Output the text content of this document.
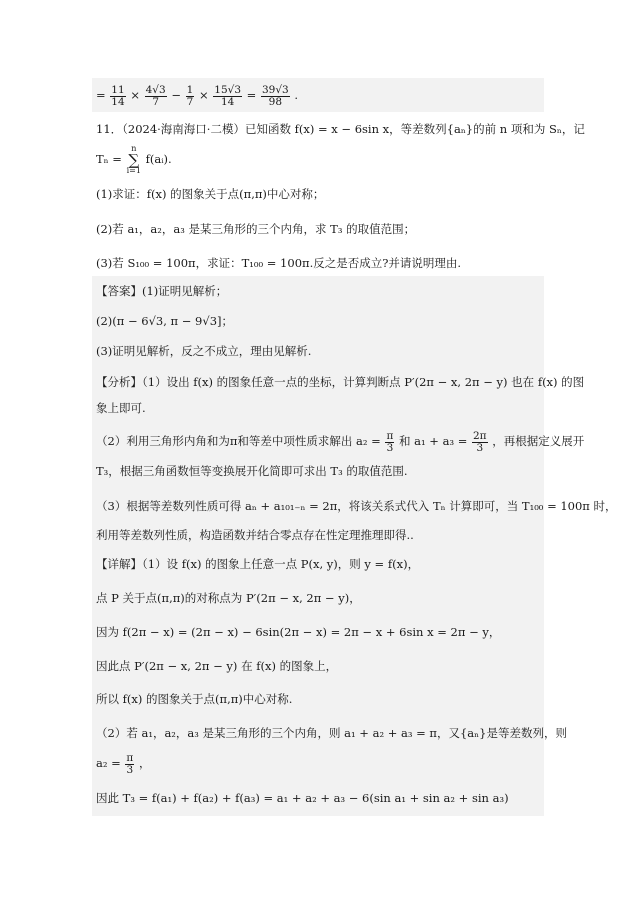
= $\frac{11}{14} \times \frac{4√3}{7} - \frac{1}{7} \times \frac{15√3}{14} = \frac{39√3}{98}$ .
11．（2024·海南海口·二模）已知函数 f(x) = x − 6sin x，等差数列{aₙ}的前 n 项和为 Sₙ，记
Tₙ =
n
∑
i=1
f(aᵢ).
(1)求证：f(x) 的图象关于点(π,π)中心对称；
(2)若 a₁，a₂，a₃ 是某三角形的三个内角，求 T₃ 的取值范围；
(3)若 S₁₀₀ = 100π，求证：T₁₀₀ = 100π.反之是否成立?并请说明理由.
【答案】(1)证明见解析；
(2)(π − 6√3, π − 9√3]；
(3)证明见解析，反之不成立，理由见解析.
【分析】（1）设出 f(x) 的图象任意一点的坐标，计算判断点 P′(2π − x, 2π − y) 也在 f(x) 的图
象上即可.
（2）利用三角形内角和为π和等差中项性质求解出 $a_2 = \frac{\pi}{3}$ 和 $a_1 + a_3 = \frac{2\pi}{3}$ ，再根据定义展开
T₃，根据三角函数恒等变换展开化简即可求出 T₃ 的取值范围.
（3）根据等差数列性质可得 aₙ + a₁₀₁₋ₙ = 2π，将该关系式代入 Tₙ 计算即可，当 T₁₀₀ = 100π 时，
利用等差数列性质，构造函数并结合零点存在性定理推理即得..
【详解】（1）设 f(x) 的图象上任意一点 P(x, y)，则 y = f(x)，
点 P 关于点(π,π)的对称点为 P′(2π − x, 2π − y)，
因为 f(2π − x) = (2π − x) − 6sin(2π − x) = 2π − x + 6sin x = 2π − y，
因此点 P′(2π − x, 2π − y) 在 f(x) 的图象上，
所以 f(x) 的图象关于点(π,π)中心对称.
（2）若 a₁，a₂，a₃ 是某三角形的三个内角，则 a₁ + a₂ + a₃ = π，又{aₙ}是等差数列，则
$a_2 = \frac{\pi}{3}$ ，
因此 T₃ = f(a₁) + f(a₂) + f(a₃) = a₁ + a₂ + a₃ − 6(sin a₁ + sin a₂ + sin a₃)
